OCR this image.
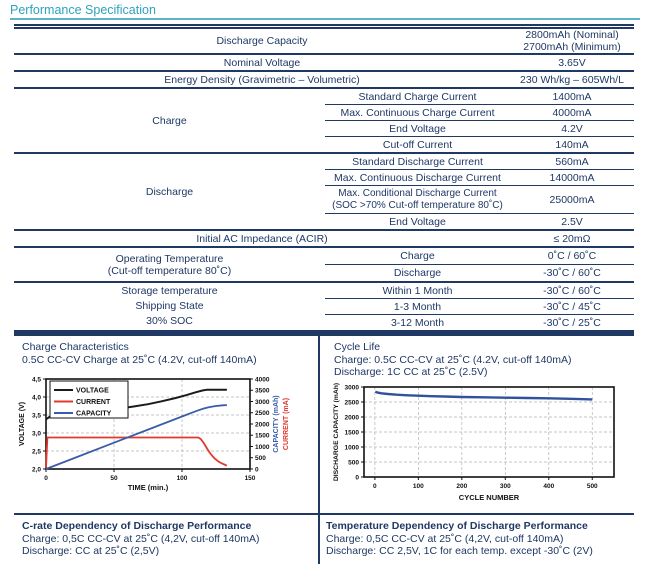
Performance Specification
Discharge Capacity	2800mAh (Nominal)
2700mAh (Minimum)
Nominal Voltage	3.65V
Energy Density (Gravimetric – Volumetric)	230 Wh/kg – 605Wh/L
Charge
Standard Charge Current	1400mA
Max. Continuous Charge Current	4000mA
End Voltage	4.2V
Cut-off Current	140mA
Discharge
Standard Discharge Current	560mA
Max. Continuous Discharge Current	14000mA
Max. Conditional Discharge Current
(SOC >70% Cut-off temperature 80˚C)	25000mA
End Voltage	2.5V
Initial AC Impedance (ACIR)	≤ 20mΩ
Operating Temperature
(Cut-off temperature 80˚C)
Charge	0˚C / 60˚C
Discharge	-30˚C / 60˚C
Storage temperature
Shipping State
30% SOC
Within 1 Month	-30˚C / 60˚C
1-3 Month	-30˚C / 45˚C
3-12 Month	-30˚C / 25˚C
Charge Characteristics
0.5C CC-CV Charge at 25˚C (4.2V, cut-off 140mA)
0	50	100	150
2,0
2,5
3,0
3,5
4,0
4,5
0
500
1000
1500
2000
2500
3000
3500
4000
VOLTAGE (V)	CAPACITY (mAh) CURRENT (mA)
TIME (min.)
VOLTAGE
CURRENT
CAPACITY
Cycle Life
Charge: 0.5C CC-CV at 25˚C (4.2V, cut-off 140mA)
Discharge: 1C CC at 25˚C (2.5V)
0	100	200	300	400	500
0
500
1000
1500
2000
2500
3000
DISCHARGE CAPACITY (mAh)
CYCLE NUMBER
C-rate Dependency of Discharge Performance
Charge: 0,5C CC-CV at 25˚C (4,2V, cut-off 140mA)
Discharge: CC at 25˚C (2,5V)
Temperature Dependency of Discharge Performance
Charge: 0,5C CC-CV at 25˚C (4,2V, cut-off 140mA)
Discharge: CC 2,5V, 1C for each temp. except -30˚C (2V)
